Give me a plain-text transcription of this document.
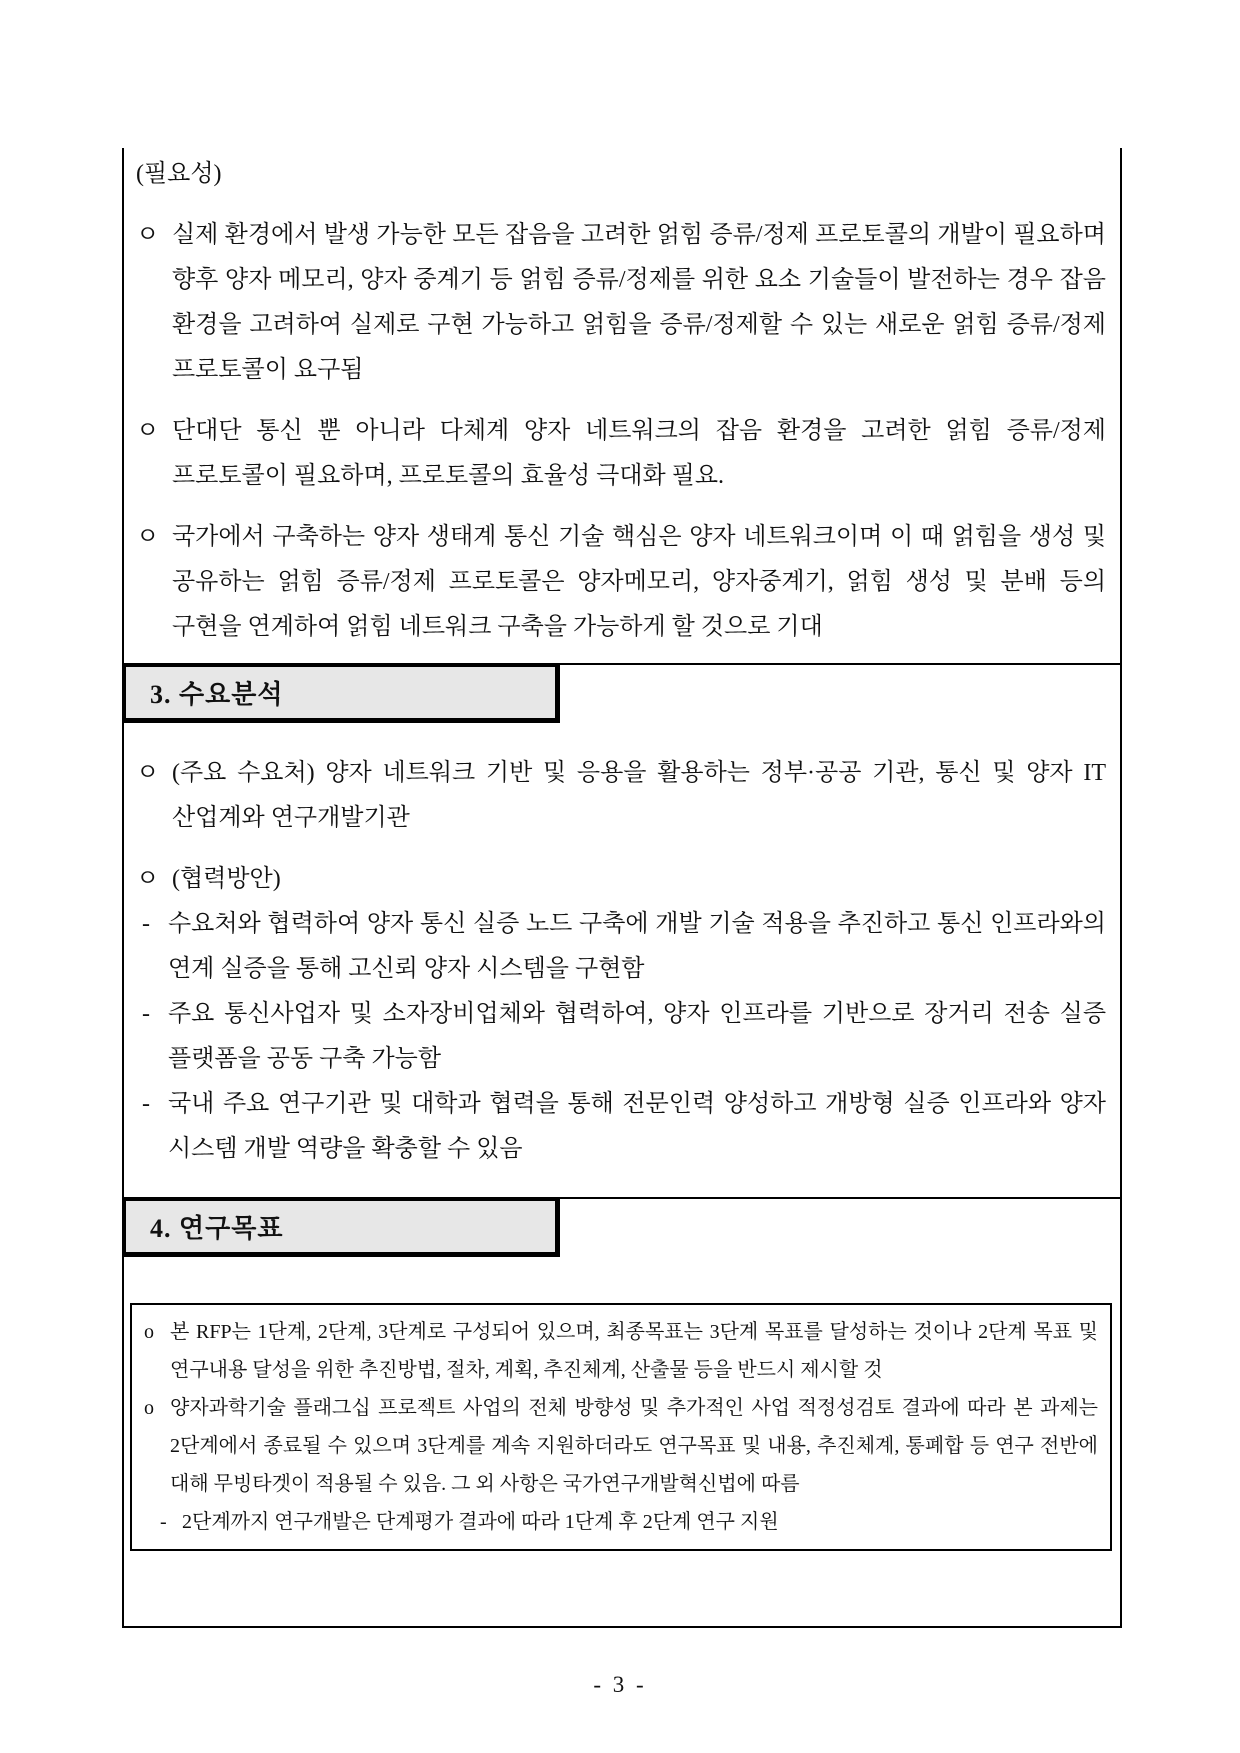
(필요성)

ㅇ 실제 환경에서 발생 가능한 모든 잡음을 고려한 얽힘 증류/정제 프로토콜의 개발이 필요하며 향후 양자 메모리, 양자 중계기 등 얽힘 증류/정제를 위한 요소 기술들이 발전하는 경우 잡음 환경을 고려하여 실제로 구현 가능하고 얽힘을 증류/정제할 수 있는 새로운 얽힘 증류/정제 프로토콜이 요구됨
ㅇ 단대단 통신 뿐 아니라 다체계 양자 네트워크의 잡음 환경을 고려한 얽힘 증류/정제 프로토콜이 필요하며, 프로토콜의 효율성 극대화 필요.
ㅇ 국가에서 구축하는 양자 생태계 통신 기술 핵심은 양자 네트워크이며 이 때 얽힘을 생성 및 공유하는 얽힘 증류/정제 프로토콜은 양자메모리, 양자중계기, 얽힘 생성 및 분배 등의 구현을 연계하여 얽힘 네트워크 구축을 가능하게 할 것으로 기대
3. 수요분석
ㅇ (주요 수요처) 양자 네트워크 기반 및 응용을 활용하는 정부·공공 기관, 통신 및 양자 IT 산업계와 연구개발기관
ㅇ (협력방안)
- 수요처와 협력하여 양자 통신 실증 노드 구축에 개발 기술 적용을 추진하고 통신 인프라와의 연계 실증을 통해 고신뢰 양자 시스템을 구현함
- 주요 통신사업자 및 소자장비업체와 협력하여, 양자 인프라를 기반으로 장거리 전송 실증 플랫폼을 공동 구축 가능함
- 국내 주요 연구기관 및 대학과 협력을 통해 전문인력 양성하고 개방형 실증 인프라와 양자 시스템 개발 역량을 확충할 수 있음
4. 연구목표
o 본 RFP는 1단계, 2단계, 3단계로 구성되어 있으며, 최종목표는 3단계 목표를 달성하는 것이나 2단계 목표 및 연구내용 달성을 위한 추진방법, 절차, 계획, 추진체계, 산출물 등을 반드시 제시할 것
o 양자과학기술 플래그십 프로젝트 사업의 전체 방향성 및 추가적인 사업 적정성검토 결과에 따라 본 과제는 2단계에서 종료될 수 있으며 3단계를 계속 지원하더라도 연구목표 및 내용, 추진체계, 통폐합 등 연구 전반에 대해 무빙타겟이 적용될 수 있음. 그 외 사항은 국가연구개발혁신법에 따름
- 2단계까지 연구개발은 단계평가 결과에 따라 1단계 후 2단계 연구 지원
- 3 -
